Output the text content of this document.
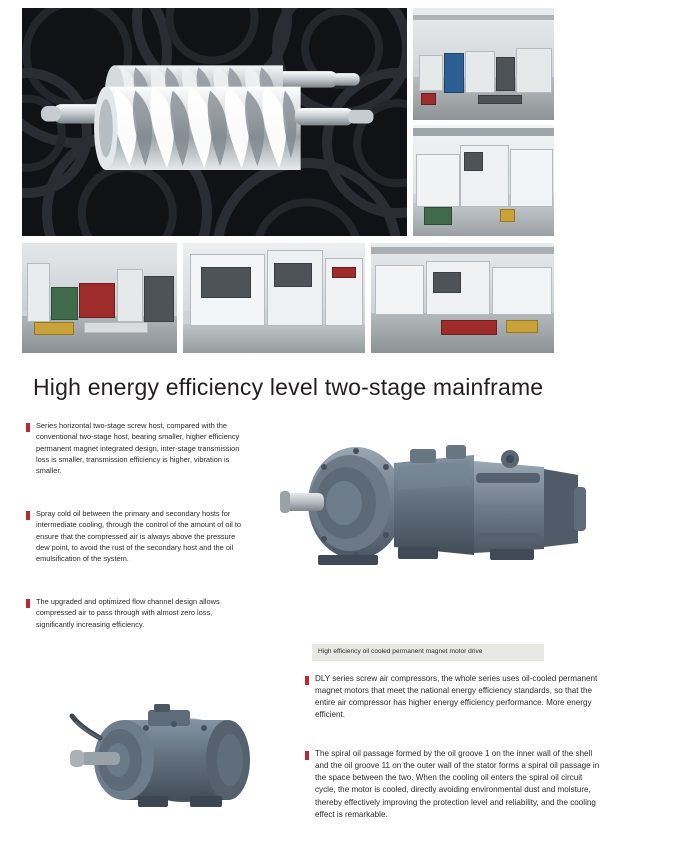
High energy efficiency level two-stage mainframe
Series horizontal two-stage screw host, compared with the conventional two-stage host, bearing smaller, higher efficiency permanent magnet integrated design, inter-stage transmission loss is smaller, transmission efficiency is higher, vibration is smaller.
Spray cold oil between the primary and secondary hosts for intermediate cooling, through the control of the amount of oil to ensure that the compressed air is always above the pressure dew point, to avoid the rust of the secondary host and the oil emulsification of the system.
The upgraded and optimized flow channel design allows compressed air to pass through with almost zero loss, significantly increasing efficiency.
High efficiency oil cooled permanent magnet motor drive
DLY series screw air compressors, the whole series uses oil-cooled permanent magnet motors that meet the national energy efficiency standards, so that the entire air compressor has higher energy efficiency performance. More energy efficient.
The spiral oil passage formed by the oil groove 1 on the inner wall of the shell and the oil groove 11 on the outer wall of the stator forms a spiral oil passage in the space between the two. When the cooling oil enters the spiral oil circuit cycle, the motor is cooled, directly avoiding environmental dust and moisture, thereby effectively improving the protection level and reliability, and the cooling effect is remarkable.
